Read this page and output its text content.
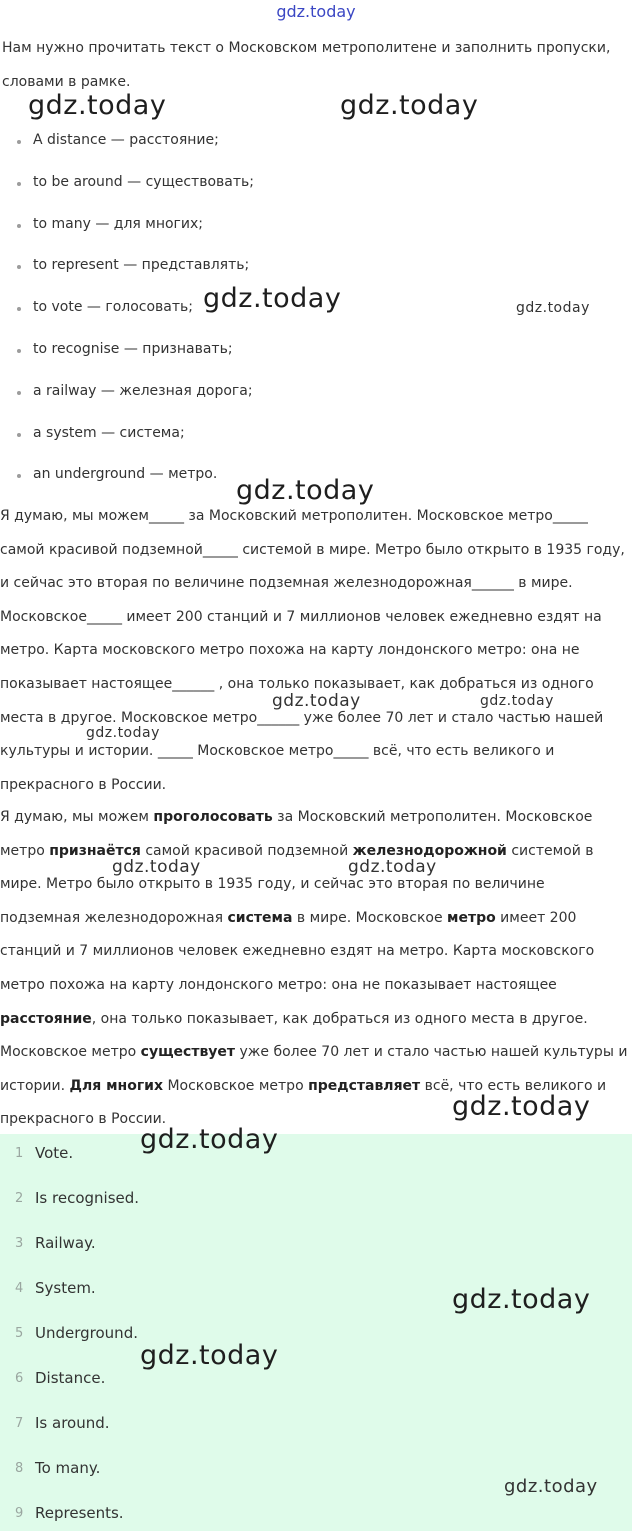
gdz.today

Нам нужно прочитать текст о Московском метрополитене и заполнить пропуски, словами в рамке.

A distance — расстояние;
to be around — существовать;
to many — для многих;
to represent — представлять;
to vote — голосовать;
to recognise — признавать;
a railway — железная дорога;
a system — система;
an underground — метро.

Я думаю, мы можем_____ за Московский метрополитен. Московское метро_____ самой красивой подземной_____ системой в мире. Метро было открыто в 1935 году, и сейчас это вторая по величине подземная железнодорожная______ в мире. Московское_____ имеет 200 станций и 7 миллионов человек ежедневно ездят на метро. Карта московского метро похожа на карту лондонского метро: она не показывает настоящее______ , она только показывает, как добраться из одного места в другое. Московское метро______ уже более 70 лет и стало частью нашей культуры и истории. _____ Московское метро_____ всё, что есть великого и прекрасного в России.

Я думаю, мы можем проголосовать за Московский метрополитен. Московское метро признаётся самой красивой подземной железнодорожной системой в мире. Метро было открыто в 1935 году, и сейчас это вторая по величине подземная железнодорожная система в мире. Московское метро имеет 200 станций и 7 миллионов человек ежедневно ездят на метро. Карта московского метро похожа на карту лондонского метро: она не показывает настоящее расстояние, она только показывает, как добраться из одного места в другое. Московское метро существует уже более 70 лет и стало частью нашей культуры и истории. Для многих Московское метро представляет всё, что есть великого и прекрасного в России.

1 Vote.
2 Is recognised.
3 Railway.
4 System.
5 Underground.
6 Distance.
7 Is around.
8 To many.
9 Represents.
gdz.today	gdz.today
gdz.today	gdz.today
gdz.today
gdz.today	gdz.today
gdz.today
gdz.today	gdz.today
gdz.today
gdz.today
gdz.today
gdz.today
gdz.today
